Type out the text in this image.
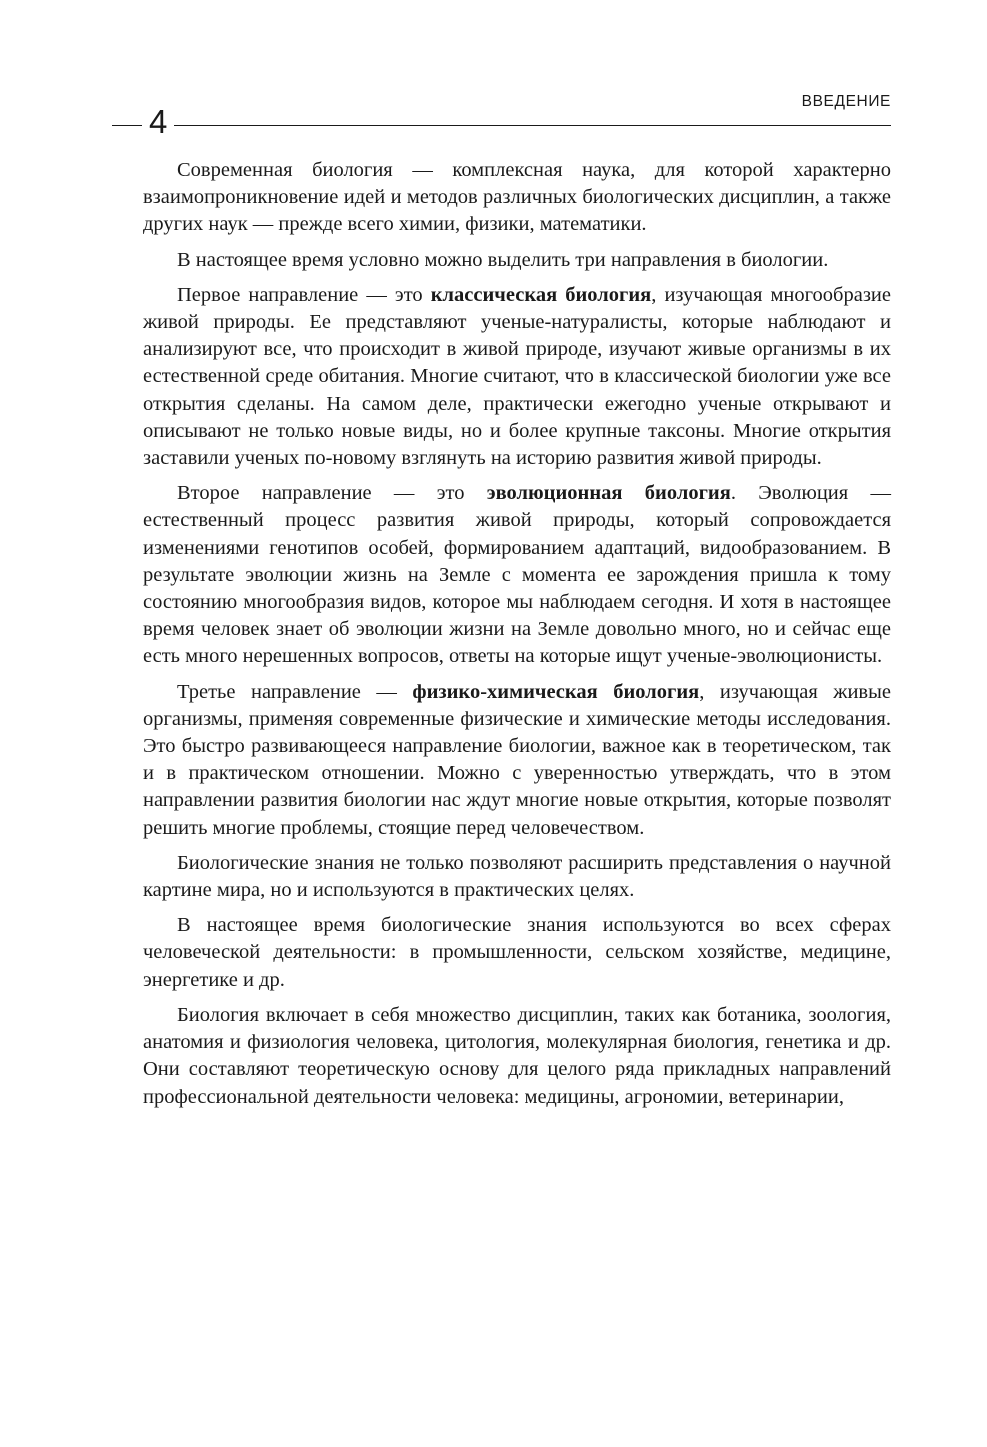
4
ВВЕДЕНИЕ

Современная биология — комплексная наука, для которой характерно взаимопроникновение идей и методов различных биологических дисциплин, а также других наук — прежде всего химии, физики, математики.

В настоящее время условно можно выделить три направления в биологии.

Первое направление — это классическая биология, изучающая многообразие живой природы. Ее представляют ученые-натуралисты, которые наблюдают и анализируют все, что происходит в живой природе, изучают живые организмы в их естественной среде обитания. Многие считают, что в классической биологии уже все открытия сделаны. На самом деле, практически ежегодно ученые открывают и описывают не только новые виды, но и более крупные таксоны. Многие открытия заставили ученых по-новому взглянуть на историю развития живой природы.

Второе направление — это эволюционная биология. Эволюция — естественный процесс развития живой природы, который сопровождается изменениями генотипов особей, формированием адаптаций, видообразованием. В результате эволюции жизнь на Земле с момента ее зарождения пришла к тому состоянию многообразия видов, которое мы наблюдаем сегодня. И хотя в настоящее время человек знает об эволюции жизни на Земле довольно много, но и сейчас еще есть много нерешенных вопросов, ответы на которые ищут ученые-эволюционисты.

Третье направление — физико-химическая биология, изучающая живые организмы, применяя современные физические и химические методы исследования. Это быстро развивающееся направление биологии, важное как в теоретическом, так и в практическом отношении. Можно с уверенностью утверждать, что в этом направлении развития биологии нас ждут многие новые открытия, которые позволят решить многие проблемы, стоящие перед человечеством.

Биологические знания не только позволяют расширить представления о научной картине мира, но и используются в практических целях.

В настоящее время биологические знания используются во всех сферах человеческой деятельности: в промышленности, сельском хозяйстве, медицине, энергетике и др.

Биология включает в себя множество дисциплин, таких как ботаника, зоология, анатомия и физиология человека, цитология, молекулярная биология, генетика и др. Они составляют теоретическую основу для целого ряда прикладных направлений профессиональной деятельности человека: медицины, агрономии, ветеринарии,
